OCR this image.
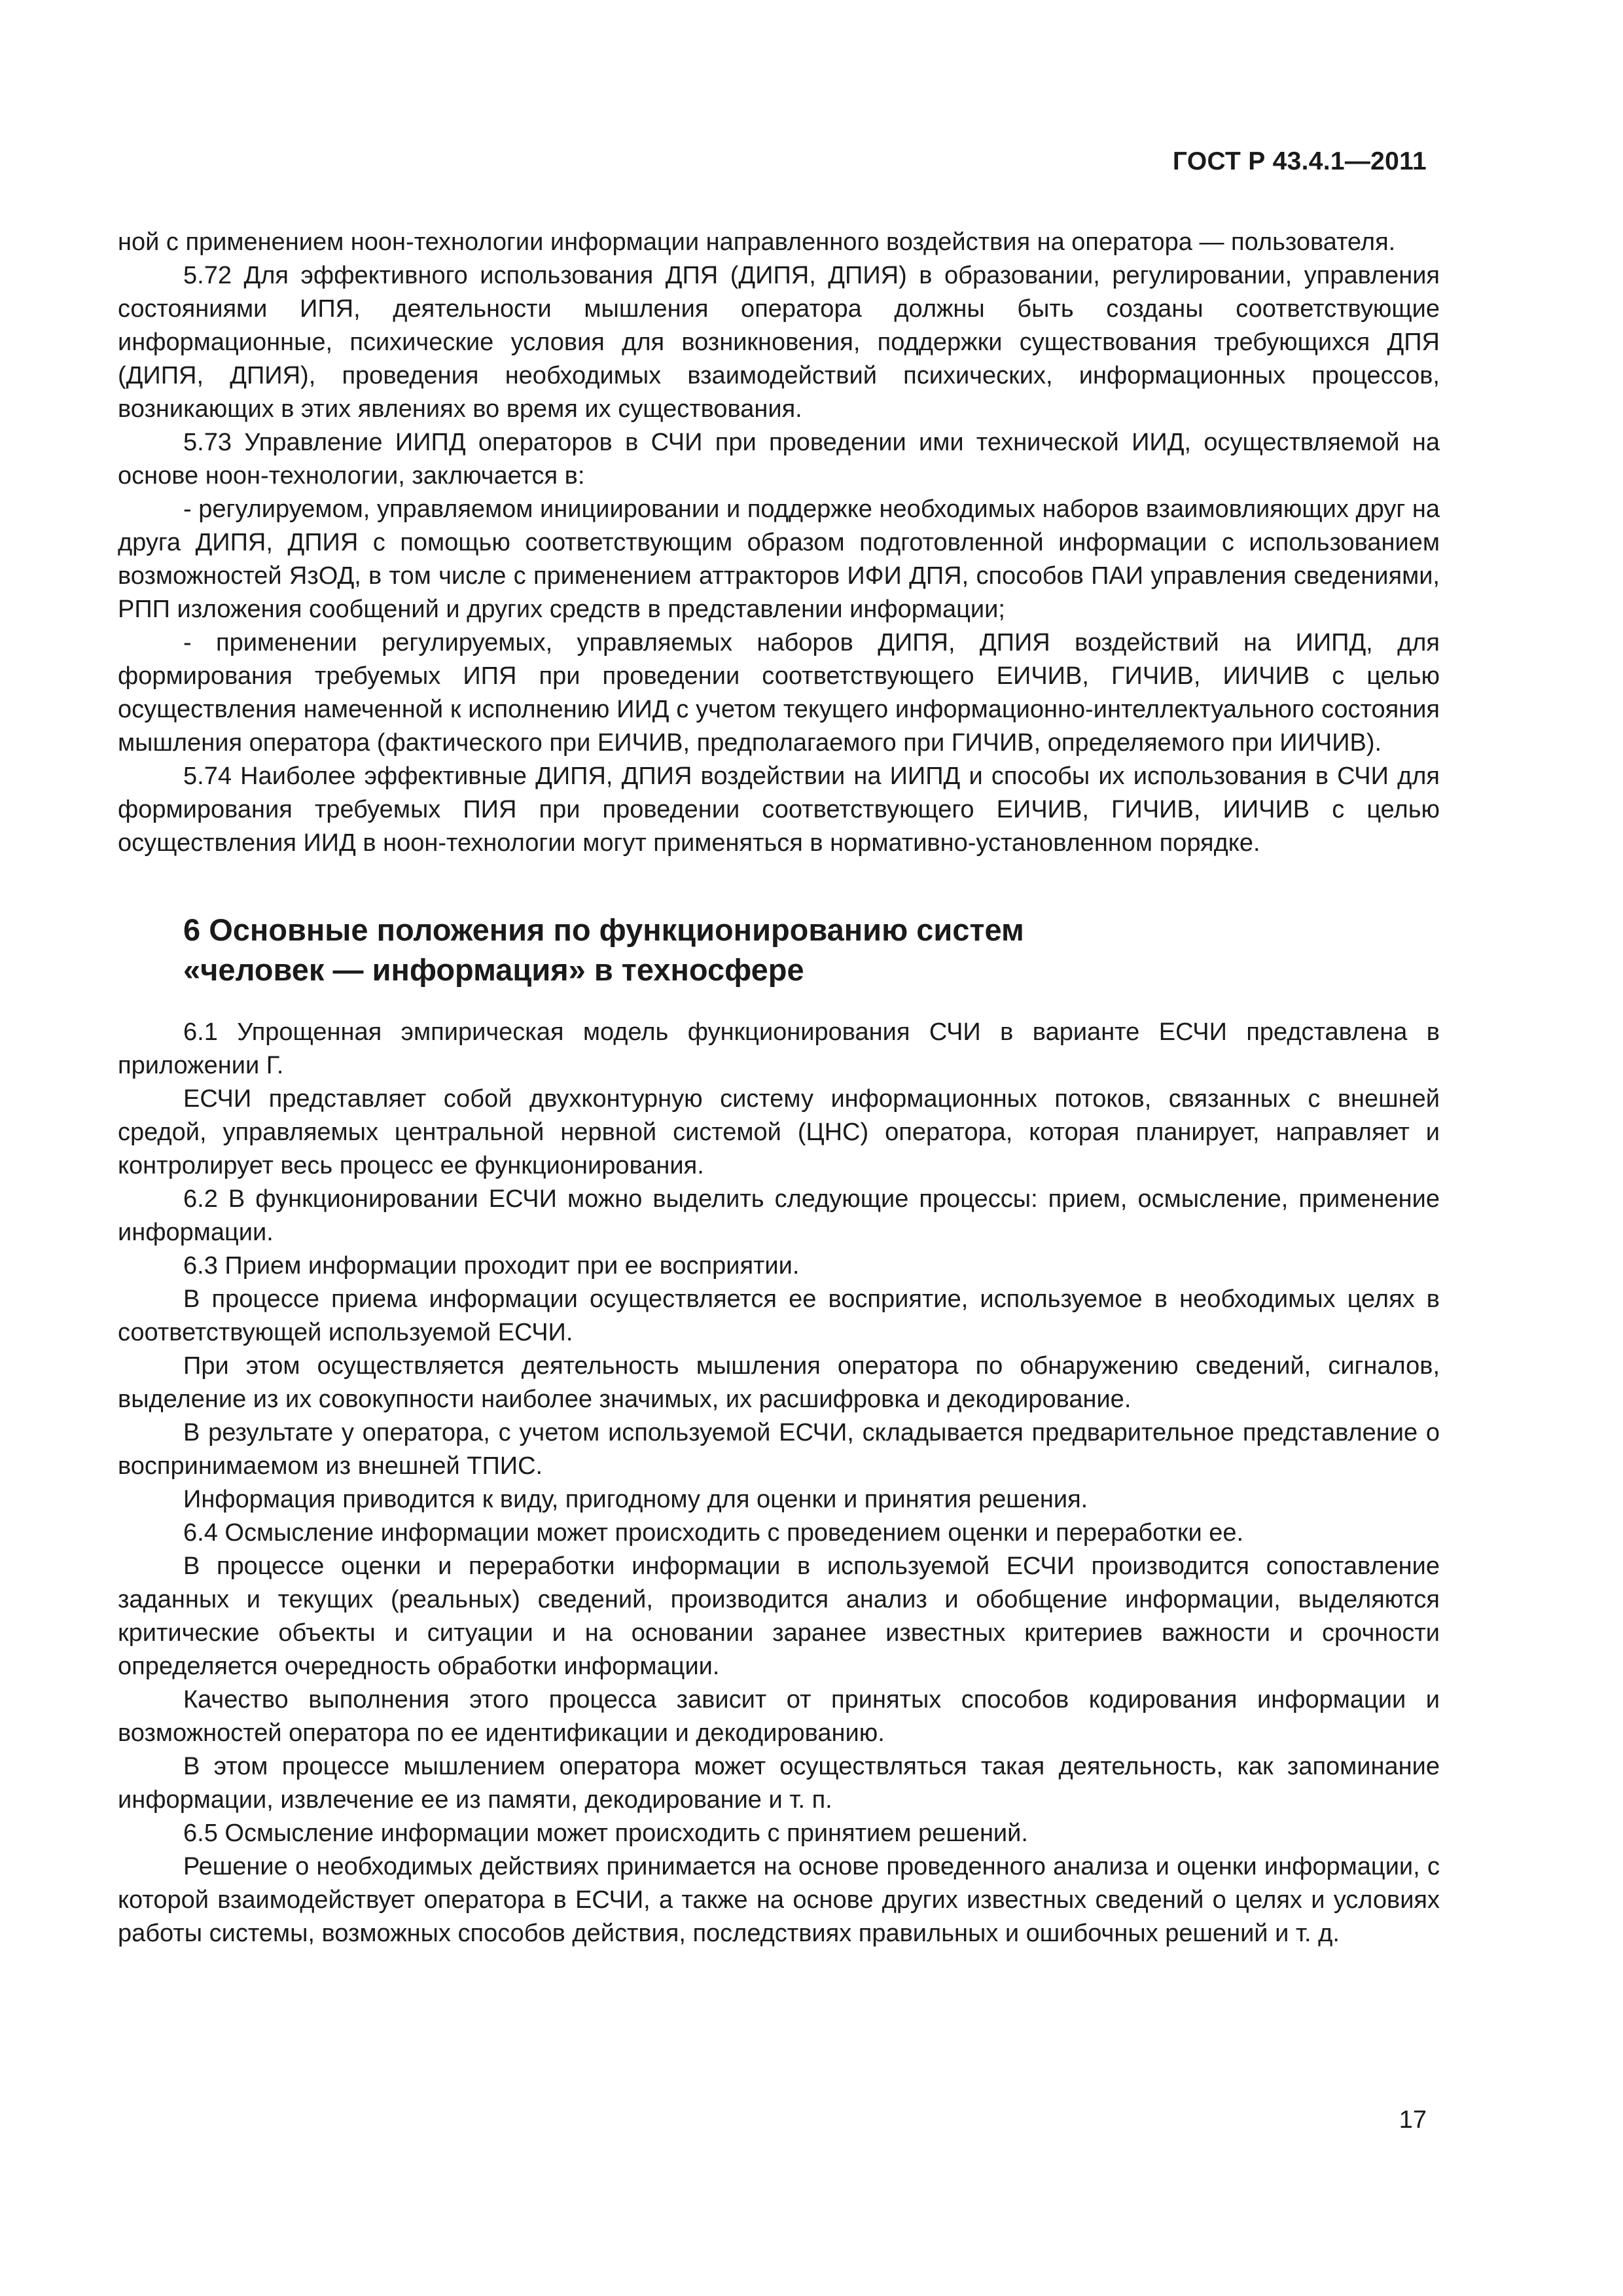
ГОСТ Р 43.4.1—2011

ной с применением ноон-технологии информации направленного воздействия на оператора — пользователя.

5.72 Для эффективного использования ДПЯ (ДИПЯ, ДПИЯ) в образовании, регулировании, управления состояниями ИПЯ, деятельности мышления оператора должны быть созданы соответствующие информационные, психические условия для возникновения, поддержки существования требующихся ДПЯ (ДИПЯ, ДПИЯ), проведения необходимых взаимодействий психических, информационных процессов, возникающих в этих явлениях во время их существования.

5.73 Управление ИИПД операторов в СЧИ при проведении ими технической ИИД, осуществляемой на основе ноон-технологии, заключается в:

- регулируемом, управляемом инициировании и поддержке необходимых наборов взаимовлияющих друг на друга ДИПЯ, ДПИЯ с помощью соответствующим образом подготовленной информации с использованием возможностей ЯзОД, в том числе с применением аттракторов ИФИ ДПЯ, способов ПАИ управления сведениями, РПП изложения сообщений и других средств в представлении информации;

- применении регулируемых, управляемых наборов ДИПЯ, ДПИЯ воздействий на ИИПД, для формирования требуемых ИПЯ при проведении соответствующего ЕИЧИВ, ГИЧИВ, ИИЧИВ с целью осуществления намеченной к исполнению ИИД с учетом текущего информационно-интеллектуального состояния мышления оператора (фактического при ЕИЧИВ, предполагаемого при ГИЧИВ, определяемого при ИИЧИВ).

5.74 Наиболее эффективные ДИПЯ, ДПИЯ воздействии на ИИПД и способы их использования в СЧИ для формирования требуемых ПИЯ при проведении соответствующего ЕИЧИВ, ГИЧИВ, ИИЧИВ с целью осуществления ИИД в ноон-технологии могут применяться в нормативно-установленном порядке.

6 Основные положения по функционированию систем
«человек — информация» в техносфере

6.1 Упрощенная эмпирическая модель функционирования СЧИ в варианте ЕСЧИ представлена в приложении Г.

ЕСЧИ представляет собой двухконтурную систему информационных потоков, связанных с внешней средой, управляемых центральной нервной системой (ЦНС) оператора, которая планирует, направляет и контролирует весь процесс ее функционирования.

6.2 В функционировании ЕСЧИ можно выделить следующие процессы: прием, осмысление, применение информации.

6.3 Прием информации проходит при ее восприятии.

В процессе приема информации осуществляется ее восприятие, используемое в необходимых целях в соответствующей используемой ЕСЧИ.

При этом осуществляется деятельность мышления оператора по обнаружению сведений, сигналов, выделение из их совокупности наиболее значимых, их расшифровка и декодирование.

В результате у оператора, с учетом используемой ЕСЧИ, складывается предварительное представление о воспринимаемом из внешней ТПИС.

Информация приводится к виду, пригодному для оценки и принятия решения.

6.4 Осмысление информации может происходить с проведением оценки и переработки ее.

В процессе оценки и переработки информации в используемой ЕСЧИ производится сопоставление заданных и текущих (реальных) сведений, производится анализ и обобщение информации, выделяются критические объекты и ситуации и на основании заранее известных критериев важности и срочности определяется очередность обработки информации.

Качество выполнения этого процесса зависит от принятых способов кодирования информации и возможностей оператора по ее идентификации и декодированию.

В этом процессе мышлением оператора может осуществляться такая деятельность, как запоминание информации, извлечение ее из памяти, декодирование и т. п.

6.5 Осмысление информации может происходить с принятием решений.

Решение о необходимых действиях принимается на основе проведенного анализа и оценки информации, с которой взаимодействует оператора в ЕСЧИ, а также на основе других известных сведений о целях и условиях работы системы, возможных способов действия, последствиях правильных и ошибочных решений и т. д.

17
